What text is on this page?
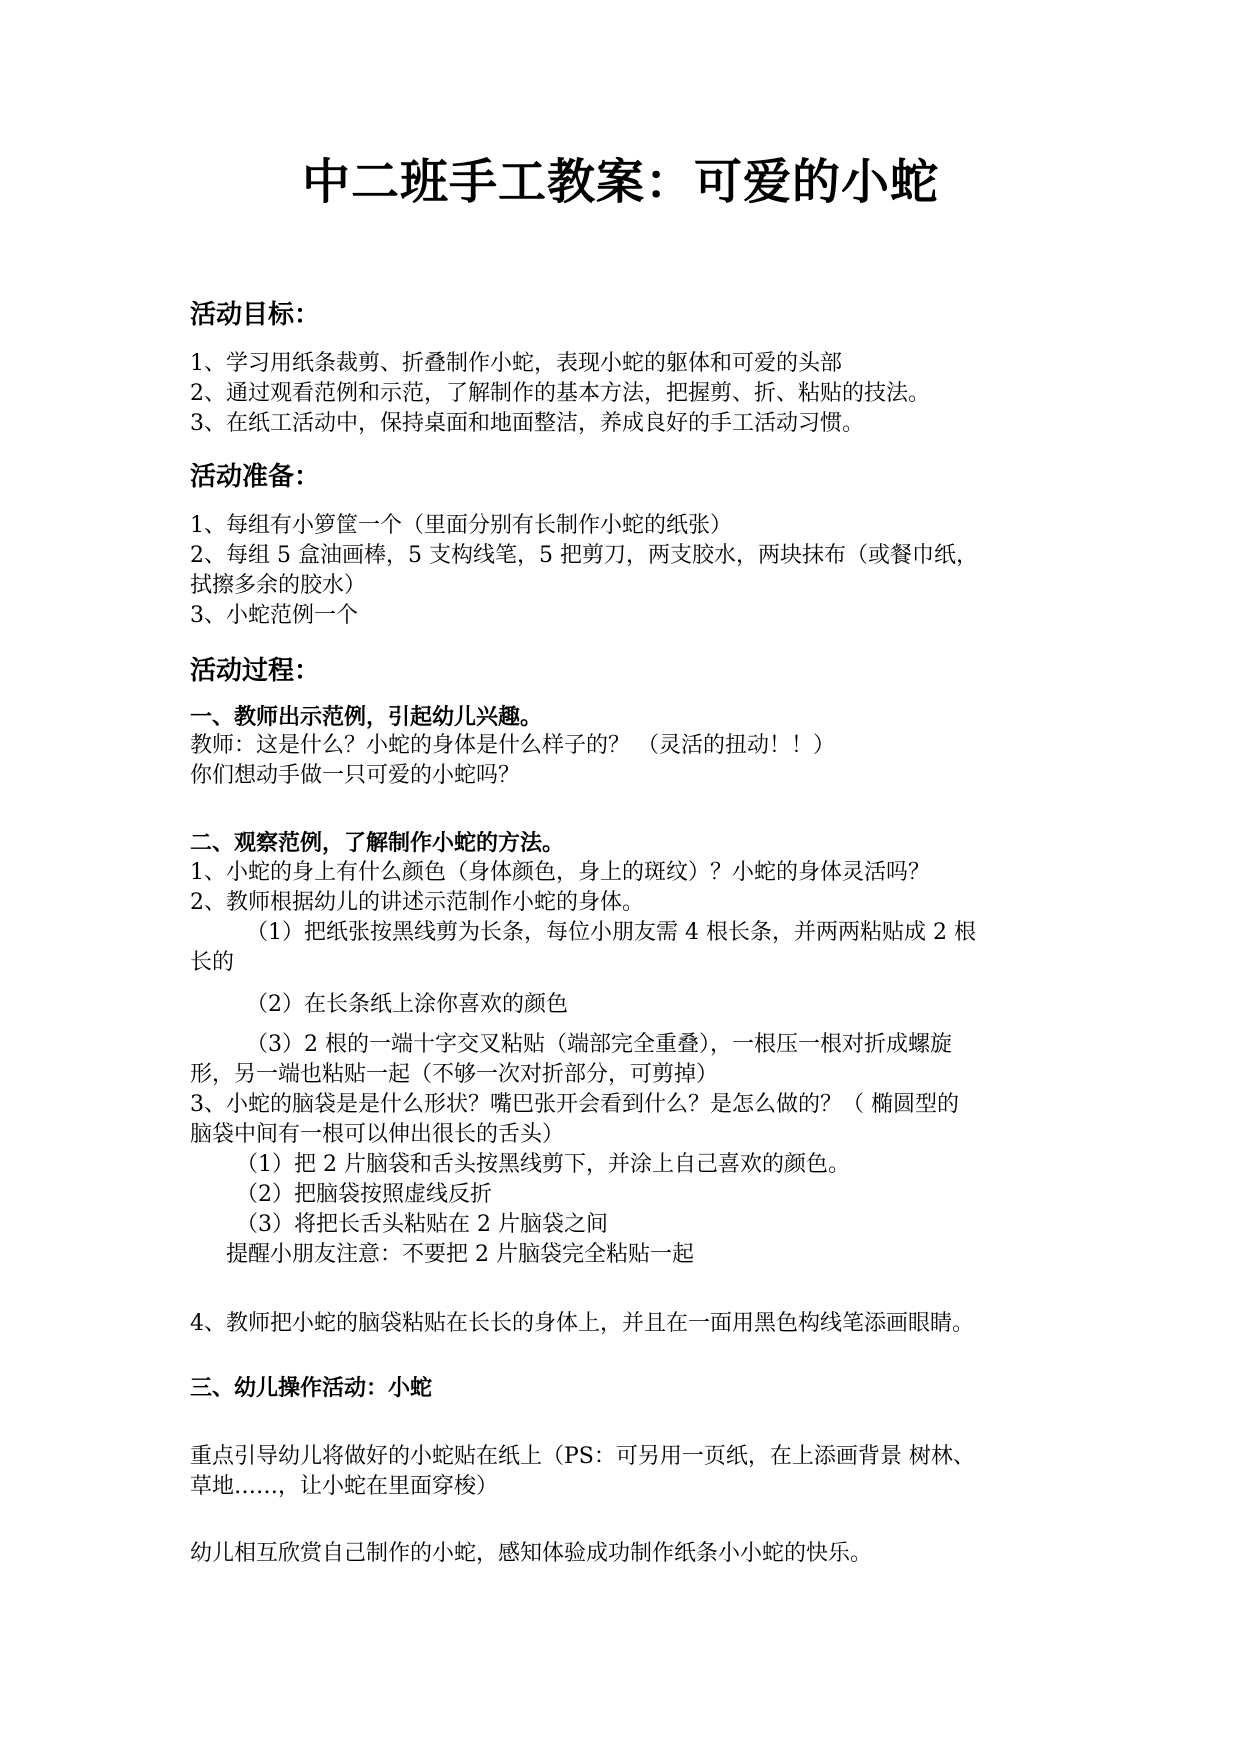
中二班手工教案：可爱的小蛇
活动目标：
1、学习用纸条裁剪、折叠制作小蛇，表现小蛇的躯体和可爱的头部
2、通过观看范例和示范，了解制作的基本方法，把握剪、折、粘贴的技法。
3、在纸工活动中，保持桌面和地面整洁，养成良好的手工活动习惯。
活动准备：
1、每组有小箩筐一个（里面分别有长制作小蛇的纸张）
2、每组 5 盒油画棒，5 支构线笔，5 把剪刀，两支胶水，两块抹布（或餐巾纸，
拭擦多余的胶水）
3、小蛇范例一个
活动过程：
一、教师出示范例，引起幼儿兴趣。
教师：这是什么？小蛇的身体是什么样子的？ （灵活的扭动！！）
你们想动手做一只可爱的小蛇吗？
二、观察范例，了解制作小蛇的方法。
1、小蛇的身上有什么颜色（身体颜色，身上的斑纹）？小蛇的身体灵活吗？
2、教师根据幼儿的讲述示范制作小蛇的身体。
（1）把纸张按黑线剪为长条，每位小朋友需 4 根长条，并两两粘贴成 2 根
长的
（2）在长条纸上涂你喜欢的颜色
（3）2 根的一端十字交叉粘贴（端部完全重叠），一根压一根对折成螺旋
形，另一端也粘贴一起（不够一次对折部分，可剪掉）
3、小蛇的脑袋是是什么形状？嘴巴张开会看到什么？是怎么做的？（ 椭圆型的
脑袋中间有一根可以伸出很长的舌头）
（1）把 2 片脑袋和舌头按黑线剪下，并涂上自己喜欢的颜色。
（2）把脑袋按照虚线反折
（3）将把长舌头粘贴在 2 片脑袋之间
提醒小朋友注意：不要把 2 片脑袋完全粘贴一起
4、教师把小蛇的脑袋粘贴在长长的身体上，并且在一面用黑色构线笔添画眼睛。
三、幼儿操作活动：小蛇
重点引导幼儿将做好的小蛇贴在纸上（PS：可另用一页纸，在上添画背景 树林、
草地……，让小蛇在里面穿梭）
幼儿相互欣赏自己制作的小蛇，感知体验成功制作纸条小小蛇的快乐。
